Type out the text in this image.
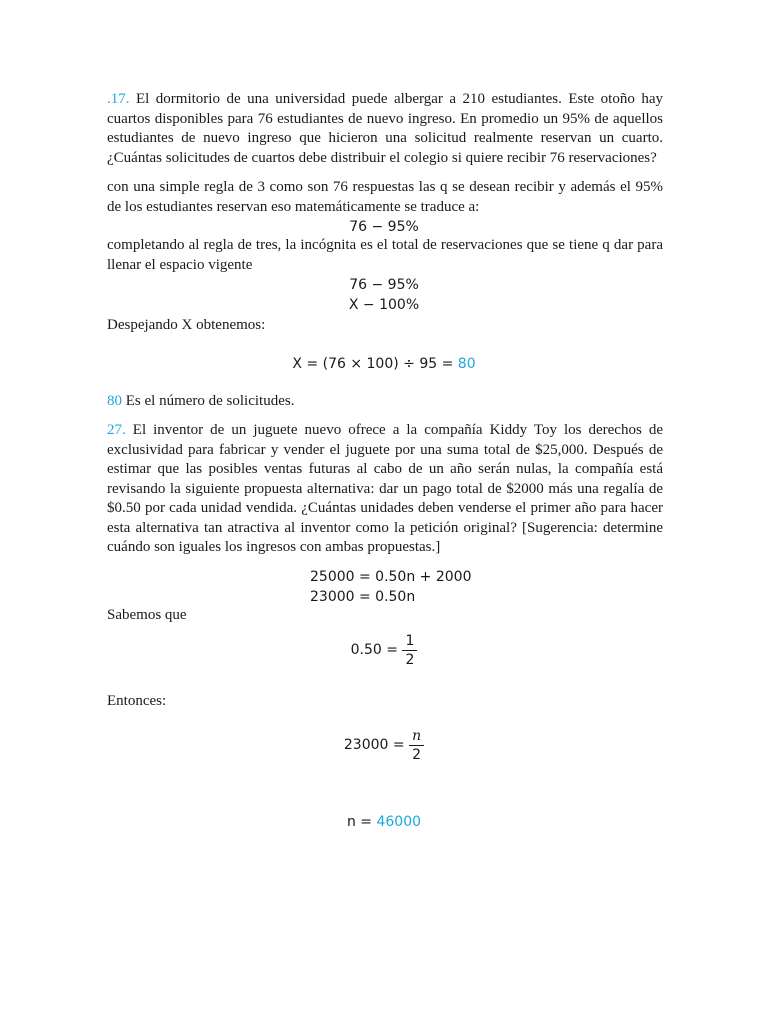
.17. El dormitorio de una universidad puede albergar a 210 estudiantes. Este otoño hay cuartos disponibles para 76 estudiantes de nuevo ingreso. En promedio un 95% de aquellos estudiantes de nuevo ingreso que hicieron una solicitud realmente reservan un cuarto. ¿Cuántas solicitudes de cuartos debe distribuir el colegio si quiere recibir 76 reservaciones?

con una simple regla de 3 como son 76 respuestas las q se desean recibir y además el 95% de los estudiantes reservan eso matemáticamente se traduce a:

76 − 95%

completando al regla de tres, la incógnita es el total de reservaciones que se tiene q dar para llenar el espacio vigente

76 − 95%
X − 100%

Despejando X obtenemos:

X = (76 × 100) ÷ 95 = 80

80 Es el número de solicitudes.

27. El inventor de un juguete nuevo ofrece a la compañía Kiddy Toy los derechos de exclusividad para fabricar y vender el juguete por una suma total de $25,000. Después de estimar que las posibles ventas futuras al cabo de un año serán nulas, la compañía está revisando la siguiente propuesta alternativa: dar un pago total de $2000 más una regalía de $0.50 por cada unidad vendida. ¿Cuántas unidades deben venderse el primer año para hacer esta alternativa tan atractiva al inventor como la petición original? [Sugerencia: determine cuándo son iguales los ingresos con ambas propuestas.]

25000 = 0.50n + 2000
23000 = 0.50n

Sabemos que

$0.50 = \frac{1}{2}$

Entonces:

$23000 = \frac{n}{2}$
n = 46000
